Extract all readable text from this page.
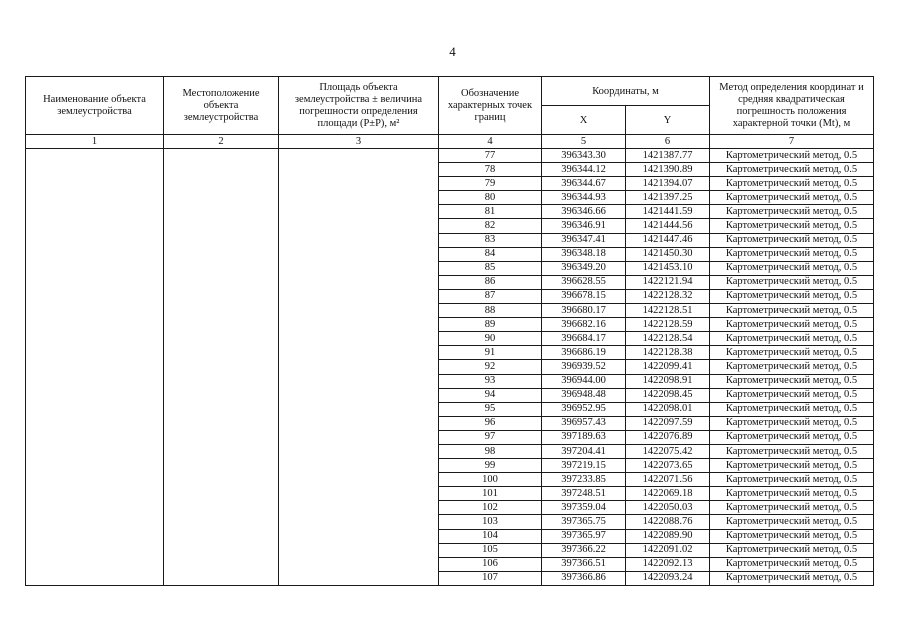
4
Наименование объекта землеустройства	Местоположение объекта землеустройства	Площадь объекта землеустройства ± величина погрешности определения площади (P±P), м²	Обозначение характерных точек границ	Координаты, м		Метод определения координат и средняя квадратическая погрешность положения характерной точки (Mt), м
				X	Y	
1	2	3	4	5	6	7
			77	396343.30	1421387.77	Картометрический метод, 0.5
			78	396344.12	1421390.89	Картометрический метод, 0.5
			79	396344.67	1421394.07	Картометрический метод, 0.5
			80	396344.93	1421397.25	Картометрический метод, 0.5
			81	396346.66	1421441.59	Картометрический метод, 0.5
			82	396346.91	1421444.56	Картометрический метод, 0.5
			83	396347.41	1421447.46	Картометрический метод, 0.5
			84	396348.18	1421450.30	Картометрический метод, 0.5
			85	396349.20	1421453.10	Картометрический метод, 0.5
			86	396628.55	1422121.94	Картометрический метод, 0.5
			87	396678.15	1422128.32	Картометрический метод, 0.5
			88	396680.17	1422128.51	Картометрический метод, 0.5
			89	396682.16	1422128.59	Картометрический метод, 0.5
			90	396684.17	1422128.54	Картометрический метод, 0.5
			91	396686.19	1422128.38	Картометрический метод, 0.5
			92	396939.52	1422099.41	Картометрический метод, 0.5
			93	396944.00	1422098.91	Картометрический метод, 0.5
			94	396948.48	1422098.45	Картометрический метод, 0.5
			95	396952.95	1422098.01	Картометрический метод, 0.5
			96	396957.43	1422097.59	Картометрический метод, 0.5
			97	397189.63	1422076.89	Картометрический метод, 0.5
			98	397204.41	1422075.42	Картометрический метод, 0.5
			99	397219.15	1422073.65	Картометрический метод, 0.5
			100	397233.85	1422071.56	Картометрический метод, 0.5
			101	397248.51	1422069.18	Картометрический метод, 0.5
			102	397359.04	1422050.03	Картометрический метод, 0.5
			103	397365.75	1422088.76	Картометрический метод, 0.5
			104	397365.97	1422089.90	Картометрический метод, 0.5
			105	397366.22	1422091.02	Картометрический метод, 0.5
			106	397366.51	1422092.13	Картометрический метод, 0.5
			107	397366.86	1422093.24	Картометрический метод, 0.5
